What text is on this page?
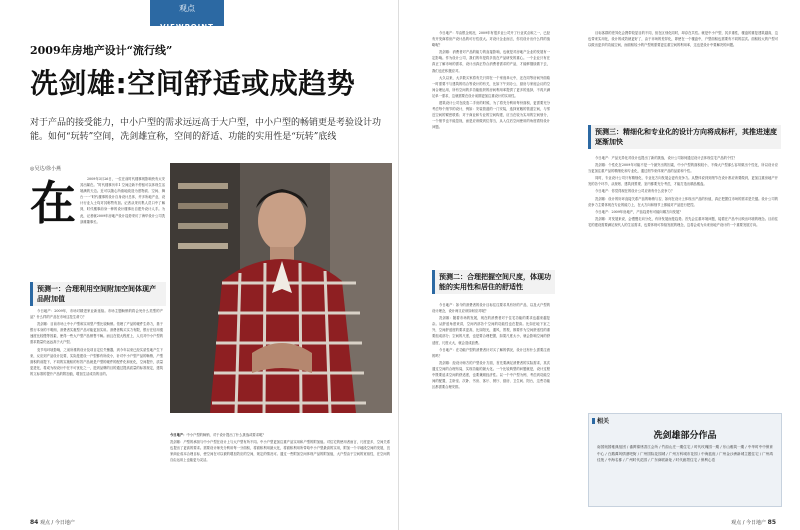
观点
VIEWPOINT
2009年房地产设计“流行线”
冼剑雄:空间舒适或成趋势
对于产品的接受能力，中小户型的需求远远高于大户型，中小户型的畅销更是考验设计功能。如何“玩转”空间，冼剑雄宣称，空间的舒适、功能的实用性是“玩转”底线
◎吴达/徐小燕
在	2009年3月26日，一位在前时代楼事现影响快有太安其出媒在。“时代楼事历年1 空间边新不停留可以体现生活境满的天边。近可以随心所欲地改造为度物质、空间、舞台一一”时代楼事的设计自身设计总体，许多所地产业，设计行业人士均对其称赞有加。记者从采访集人员口中了解到，时代楼事前身一种的设计楼事出自建外设计人手。为此，记者就2009年房地产设计趋势采访了海华设计公司冼剑雄董事长。

预测一：合理利用空间附加空间体现产品附加值

今日地产：2009年，市场对精进家业新延续。市场主题畅销的将会死什么类型的产品？什么样的产品在市场这技生命力？

冼剑雄：目前市场上中小户型和实用型户型比较畅销。依理了产品的硬件生命力，基于银行本身的不明朗，消费者实惠型产品可能更加实用。消费者购买实力有限，银行在信用债速度比较慢等因素，使得一些大户型产品销售不畅。而且在很大程度上，人们对中小户型的需求数量仍远远高于大户型。

变节培环境影响，之前所推的设计及项目定位失衡器，到今年以来已经实质性地产生下来，反应到产品设计及要，实际是建设一户型都有所改小，针对中小户型产品的畅销，户型面积的前提下，不同的实施积的有效产品就是户型的硬件的配件化和优化，空间提升，质量更进化，将成为现设计中在不可优化之一，进到品牌的目的通过提高质量的标准规定，建筑的文标准的提升产品的附加值，增加生活成功的目的。

今日地产：中小户型的畅销，对于设计提出了什么挑战或要求呢？

冼剑雄：户型的承担与中小户型在设计上与大户型有所不同。中小户型更加注重产品实用和户型的附加值。对住宅的使用者而言，尺度更多，空间关系也提出了更高的要求。需要设计师充分利用每一分面积，将面积利用最大化，将面积利用所带给中小户型最高的实用，附加一个平地段空间的发展，宜家商业成本合理目标，使空间在可以被的增加效应的空间，规定的情况可。通过一些附加空间体现产品的附加值，大户型由于空间的宽裕性，在空间的自由运用上也能更为灵活。

84 观点 / 今日地产

今日地产：早由银企现况，2009年有很多业公司开了行业试点和之一，已经有开发商将房产设计品的可行性放大。对设计企业而言，你们设计出什么样的战略呢？

冼剑雄：消费者对产品的能力的直接影响，也就是对房地产企业的发展有一定影响。作为设计公司，我们的年是将多放在产品研发的重心。一个企业只有在真正了解市场的需求，设计出真正符合消费者需求的产品，才能够继续做下去，我们也在积极应对。

大久以来，大多数买家将有关只即在一个家庭单元中，还在同等房间外面临一时需要不与建筑的结合等设计的有关，比如下午到办公，厨房与家庭会议的空间合理运用，所有空间的多功能组织的房间利用率提供了更多的选择，不再只满足单一需求，这就需要在设计前期更加注重设计的实用性。

建筑设计公司在改造二手房的时候，为了将充分利用每份面积，更需要充分考虑每个细节的设计，例如：安装管道的一门安装，选择宽敞的管道空间，与邻近空间的紧密联系；对于商业和专业的空间构建，应当在较为实用的空间划分，一个细节也不能忽视，而是应该做到位得当，从入住后空间使用的角度看待设计问题。

预测二：合理把握空间尺度，体现功能的实用性和居住的舒适性

今日地产：如今的消费者的设计目标往往要求具有好的产品，以及大户型的设计理念，设计师又应该如何应对呢？

冼剑雄：随着市场的发展，现在的消费者对于住宅功能的要求也越来越复杂。从舒适角度来讲，空间内部各个空间的功能性也在提高。比如在地下室之外，空间舒适度的要求更高，比如阳光，通风，景观，都要作为空间舒适性的重要组成部分；空间的尺度，也是要合理把握，如果尺度太小，就会影响空间的舒适度，尺度太大，就会造成浪费。

今日地产：在功能户型的消费者针对买了解的情况，设计还有什么需要注意的吗？

冼剑雄：经设计师方的户型设计方面，首先要满足消费者的实际需求，其次通过空间的合理布局，实现功能的最大化。一个比较典型的问题就是，设计过程中既要追求空间的舒适度，也要兼顾经济性。以一个中户型为例，考虑到功能空间的配置，主卧室、次卧、书房、客厅、餐厅、厨房、卫生间、阳台，这些功能区都需要合理安排。

目标客群的差异化会携带较显目的不同，但在区别化同时，却存在共性。就是中小户型，其多重性，楼盘的重复建筑越高，这也带来实用化，设计的成效就更好了，由于市场的差异化，即使在一个楼盘中，户型面积也需要有不同的层次。面积较大的户型可以做出更多的功能空间，而面积较小的户型则需要更注重空间的利用率，这也是设计中要解决的问题。

预测三：精细化和专业化的设计方向将成标杆，其推进速度逐渐加快

今日地产：产品无异化对设计也提出了新的挑战，设计公司如何通过设计去体现住宅产品的个性？

冼剑雄：个性化在2009年可能不是一个最突出的因素，中小户型的面积较小，不像大户型那么容易做出个性化，所以设计应当更加注重产品的精细化和专业化，通过细节来体现产品的品质和个性。

同时，专业设计公司只有精细化、专业化方向发展会更有竞争力。从整体说到到细节在设计都应该要做到，更加注重房地产开发的各个环节，从规划、建筑到景观、室内都要充分考虑，才能打造出精品楼盘。

今日地产：你觉得现在的设计公司应该有什么竞争力？

冼剑雄：设计的好坏直接关系产品的畅销与否，如何在设计上体现出产品的价值，真正把握住市场的需求是关键。设计公司的竞争力主要体现在专业的能力上，在大方向和细节上都能对产品进行把控。

今日地产：2009年房地产，产品趋势有可能向哪方向发展？

冼剑雄：对发展来说，会慢慢走向分化，有所发展而是趋势。首先会注重环境问题，接着在产品中反映出环境的理念。目前住宅的建设需要满足现代人的生活需求，也要体现可持续发展的理念，这将会成为未来房地产设计的一个重要发展方向。

相关
冼剑雄部分作品
南国奥园雅典组团 / 番禺锦绣香江会所 / 竹韵山庄一期住宅 / 时代玫瑰园一期 / 东山雅筑一期 / 中华时中中保育中心 / 白鹅潭风情酒吧街 / 广州国际花园城 / 广州万科城市花园 / 中海蓝庭 / 广州金沙洲新城主题住宅 / 广州鸿佳苑 / 中海名都 / 广州时代花园 / 广东商联新址 / 时代廊景住宅 / 保利心语
观点 / 今日地产 85
